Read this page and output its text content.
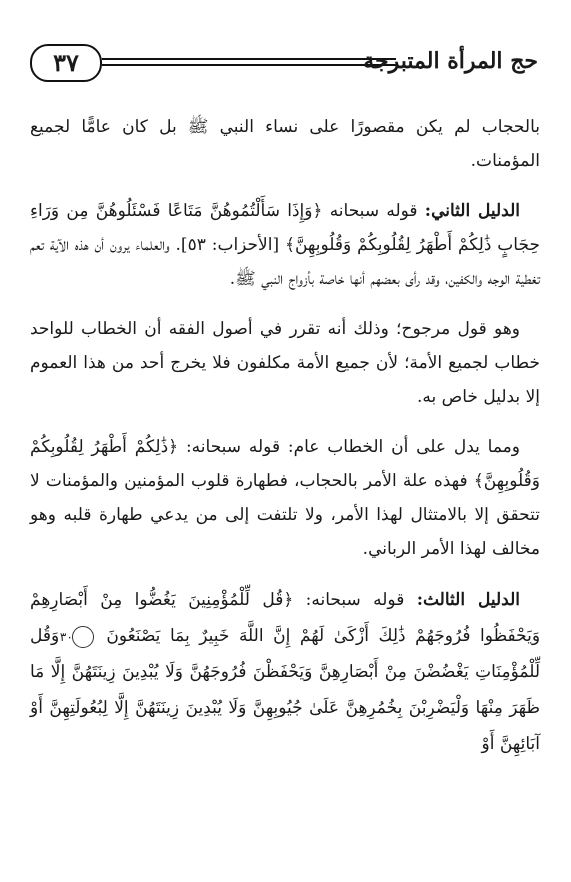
٣٧	حج المرأة المتبرجة

بالحجاب لم يكن مقصورًا على نساء النبي ﷺ بل كان عامًّا لجميع المؤمنات.

الدليل الثاني: قوله سبحانه ﴿وَإِذَا سَأَلْتُمُوهُنَّ مَتَاعًا فَسْئَلُوهُنَّ مِن وَرَاءِ حِجَابٍ ذَٰلِكُمْ أَطْهَرُ لِقُلُوبِكُمْ وَقُلُوبِهِنَّ﴾ [الأحزاب: ٥٣]. والعلماء يرون أن هذه الآية تعم تغطية الوجه والكفين، وقد رأى بعضهم أنها خاصة بأزواج النبي ﷺ.

وهو قول مرجوح؛ وذلك أنه تقرر في أصول الفقه أن الخطاب للواحد خطاب لجميع الأمة؛ لأن جميع الأمة مكلفون فلا يخرج أحد من هذا العموم إلا بدليل خاص به.

ومما يدل على أن الخطاب عام: قوله سبحانه: ﴿ذَٰلِكُمْ أَطْهَرُ لِقُلُوبِكُمْ وَقُلُوبِهِنَّ﴾ فهذه علة الأمر بالحجاب، فطهارة قلوب المؤمنين والمؤمنات لا تتحقق إلا بالامتثال لهذا الأمر، ولا تلتفت إلى من يدعي طهارة قلبه وهو مخالف لهذا الأمر الرباني.

الدليل الثالث: قوله سبحانه: ﴿قُل لِّلْمُؤْمِنِينَ يَغُضُّوا مِنْ أَبْصَارِهِمْ وَيَحْفَظُوا فُرُوجَهُمْ ذَٰلِكَ أَزْكَىٰ لَهُمْ إِنَّ اللَّهَ خَبِيرٌ بِمَا يَصْنَعُونَ ٣٠ وَقُل لِّلْمُؤْمِنَاتِ يَغْضُضْنَ مِنْ أَبْصَارِهِنَّ وَيَحْفَظْنَ فُرُوجَهُنَّ وَلَا يُبْدِينَ زِينَتَهُنَّ إِلَّا مَا ظَهَرَ مِنْهَا وَلْيَضْرِبْنَ بِخُمُرِهِنَّ عَلَىٰ جُيُوبِهِنَّ وَلَا يُبْدِينَ زِينَتَهُنَّ إِلَّا لِبُعُولَتِهِنَّ أَوْ آبَائِهِنَّ أَوْ
